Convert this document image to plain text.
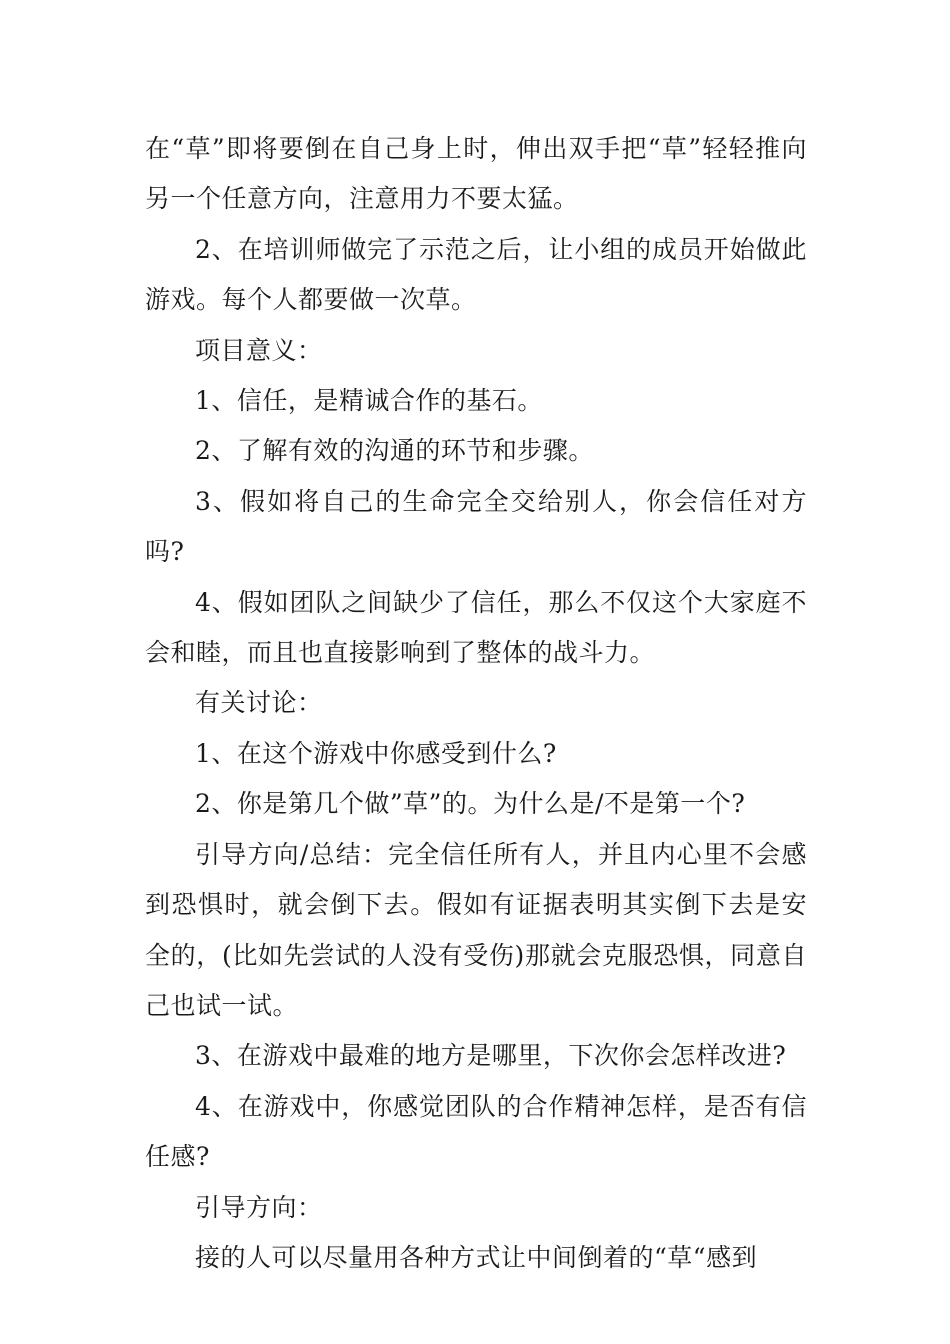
在“草”即将要倒在自己身上时，伸出双手把“草”轻轻推向另一个任意方向，注意用力不要太猛。

2、在培训师做完了示范之后，让小组的成员开始做此游戏。每个人都要做一次草。

项目意义：

1、信任，是精诚合作的基石。

2、了解有效的沟通的环节和步骤。

3、假如将自己的生命完全交给别人，你会信任对方吗?

4、假如团队之间缺少了信任，那么不仅这个大家庭不会和睦，而且也直接影响到了整体的战斗力。

有关讨论：

1、在这个游戏中你感受到什么?

2、你是第几个做”草”的。为什么是/不是第一个?

引导方向/总结：完全信任所有人，并且内心里不会感到恐惧时，就会倒下去。假如有证据表明其实倒下去是安全的，(比如先尝试的人没有受伤)那就会克服恐惧，同意自己也试一试。

3、在游戏中最难的地方是哪里，下次你会怎样改进?

4、在游戏中，你感觉团队的合作精神怎样，是否有信任感?

引导方向：

接的人可以尽量用各种方式让中间倒着的“草“感到
